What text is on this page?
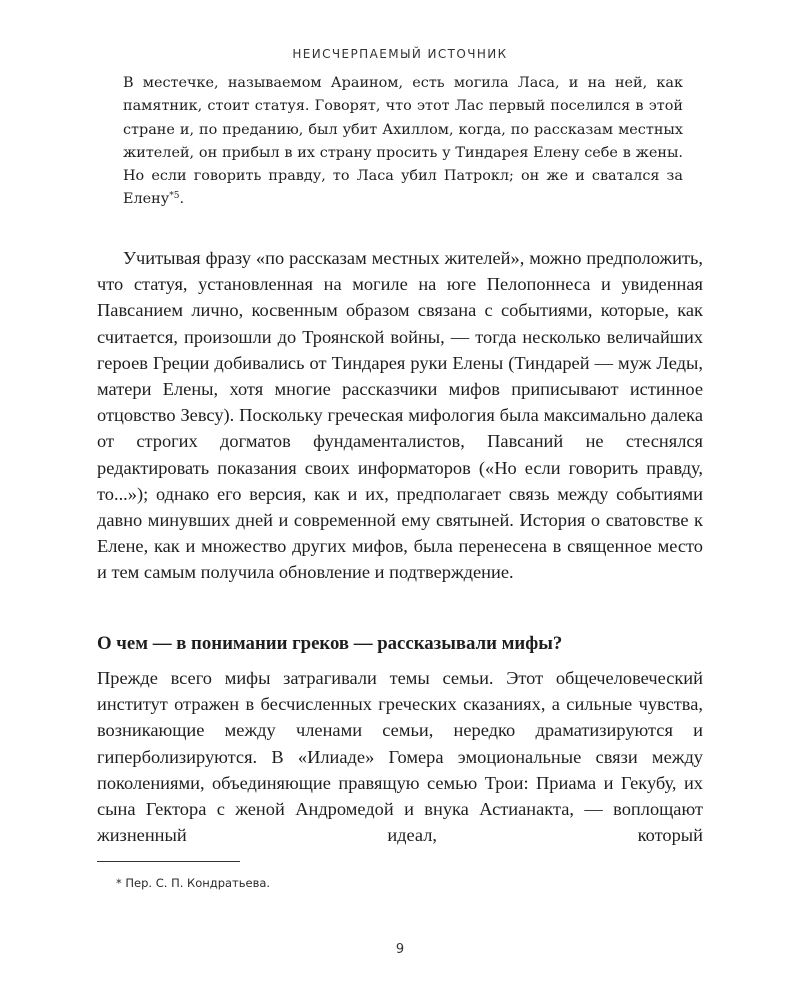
НЕИСЧЕРПАЕМЫЙ ИСТОЧНИК
В местечке, называемом Араином, есть могила Ласа, и на ней, как памятник, стоит статуя. Говорят, что этот Лас первый поселился в этой стране и, по преданию, был убит Ахиллом, когда, по рассказам местных жителей, он прибыл в их страну просить у Тиндарея Елену себе в жены. Но если говорить правду, то Ласа убил Патрокл; он же и сватался за Елену$^{*5}$.

Учитывая фразу «по рассказам местных жителей», можно предположить, что статуя, установленная на могиле на юге Пелопоннеса и увиденная Павсанием лично, косвенным образом связана с событиями, которые, как считается, произошли до Троянской войны, — тогда несколько величайших героев Греции добивались от Тиндарея руки Елены (Тиндарей — муж Леды, матери Елены, хотя многие рассказчики мифов приписывают истинное отцовство Зевсу). Поскольку греческая мифология была максимально далека от строгих догматов фундаменталистов, Павсаний не стеснялся редактировать показания своих информаторов («Но если говорить правду, то...»); однако его версия, как и их, предполагает связь между событиями давно минувших дней и современной ему святыней. История о сватовстве к Елене, как и множество других мифов, была перенесена в священное место и тем самым получила обновление и подтверждение.

О чем — в понимании греков — рассказывали мифы?

Прежде всего мифы затрагивали темы семьи. Этот общечеловеческий институт отражен в бесчисленных греческих сказаниях, а сильные чувства, возникающие между членами семьи, нередко драматизируются и гиперболизируются. В «Илиаде» Гомера эмоциональные связи между поколениями, объединяющие правящую семью Трои: Приама и Гекубу, их сына Гектора с женой Андромедой и внука Астианакта, — воплощают жизненный идеал, который

* Пер. С. П. Кондратьева.
9
